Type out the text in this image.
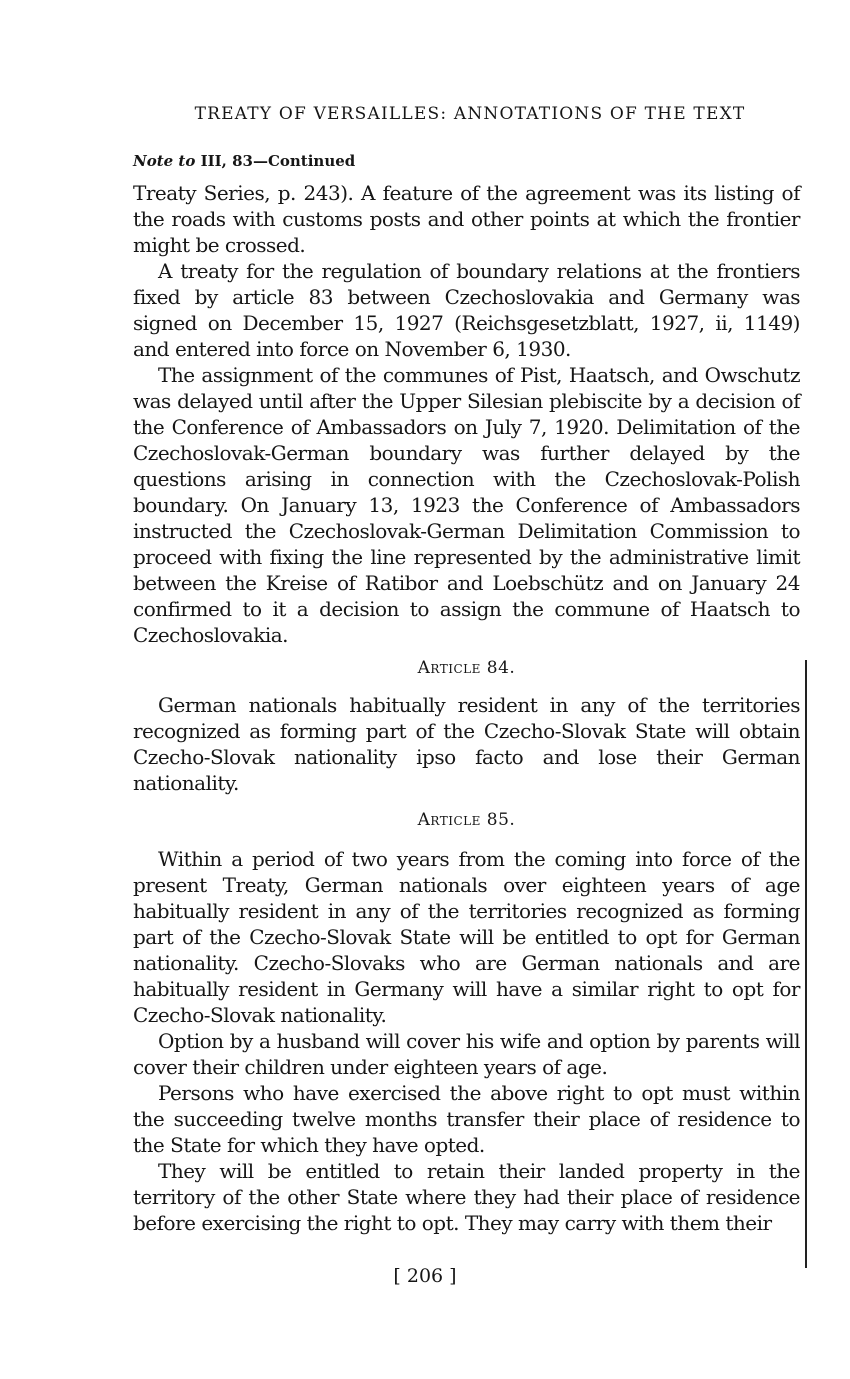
TREATY OF VERSAILLES: ANNOTATIONS OF THE TEXT
Note to III, 83—Continued

Treaty Series, p. 243). A feature of the agreement was its listing of the roads with customs posts and other points at which the frontier might be crossed.

A treaty for the regulation of boundary relations at the frontiers fixed by article 83 between Czechoslovakia and Germany was signed on December 15, 1927 (Reichsgesetzblatt, 1927, ii, 1149) and entered into force on November 6, 1930.

The assignment of the communes of Pist, Haatsch, and Owschutz was delayed until after the Upper Silesian plebiscite by a decision of the Conference of Ambassadors on July 7, 1920. Delimitation of the Czechoslovak-German boundary was further delayed by the questions arising in connection with the Czechoslovak-Polish boundary. On January 13, 1923 the Conference of Ambassadors instructed the Czechoslovak-German Delimitation Commission to proceed with fixing the line represented by the administrative limit between the Kreise of Ratibor and Loebschütz and on January 24 confirmed to it a decision to assign the commune of Haatsch to Czechoslovakia.

Article 84.

German nationals habitually resident in any of the territories recognized as forming part of the Czecho-Slovak State will obtain Czecho-Slovak nationality ipso facto and lose their German nationality.

Article 85.

Within a period of two years from the coming into force of the present Treaty, German nationals over eighteen years of age habitually resident in any of the territories recognized as forming part of the Czecho-Slovak State will be entitled to opt for German nationality. Czecho-Slovaks who are German nationals and are habitually resident in Germany will have a similar right to opt for Czecho-Slovak nationality.

Option by a husband will cover his wife and option by parents will cover their children under eighteen years of age.

Persons who have exercised the above right to opt must within the succeeding twelve months transfer their place of residence to the State for which they have opted.

They will be entitled to retain their landed property in the territory of the other State where they had their place of residence before exercising the right to opt. They may carry with them their

[ 206 ]
